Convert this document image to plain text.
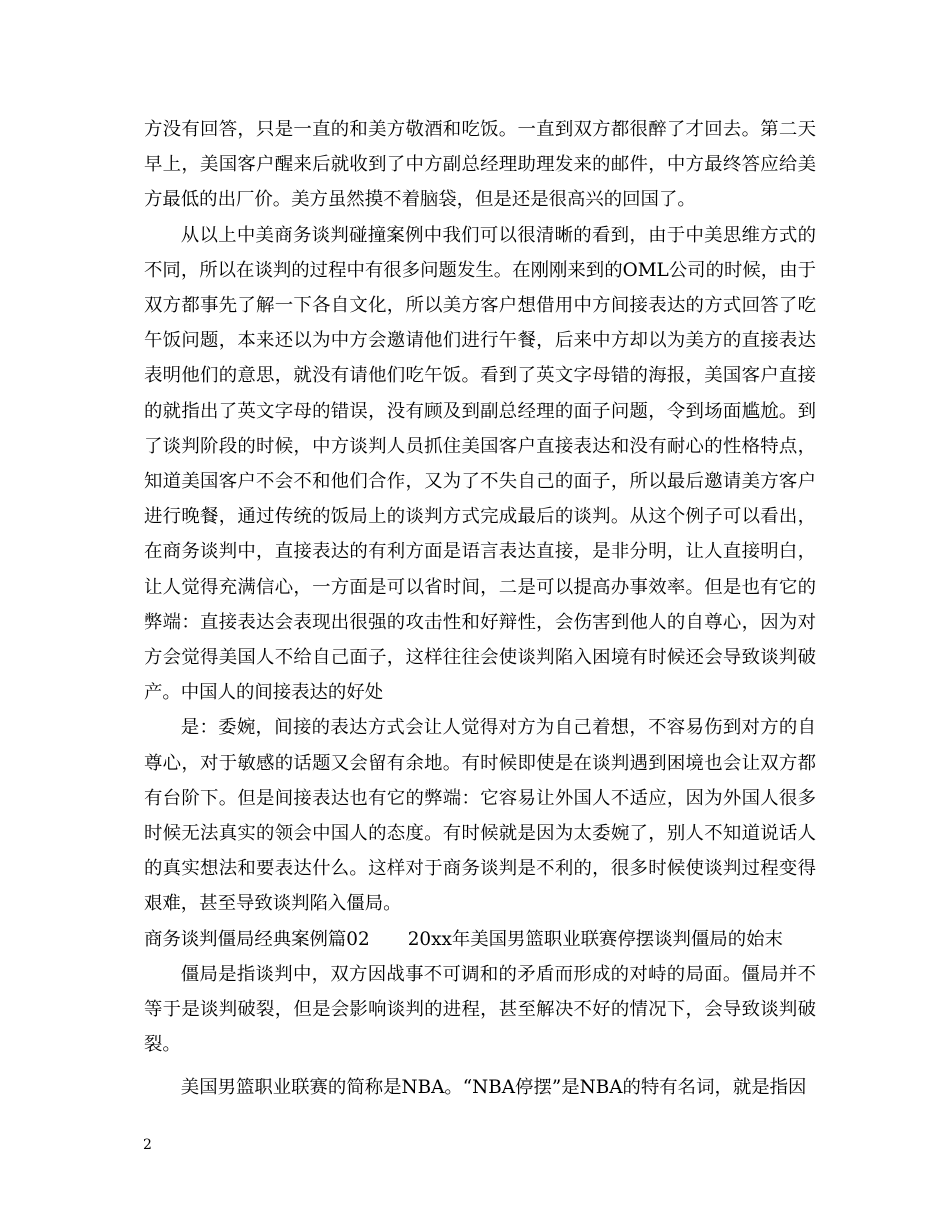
方没有回答，只是一直的和美方敬酒和吃饭。一直到双方都很醉了才回去。第二天早上，美国客户醒来后就收到了中方副总经理助理发来的邮件，中方最终答应给美方最低的出厂价。美方虽然摸不着脑袋，但是还是很高兴的回国了。

从以上中美商务谈判碰撞案例中我们可以很清晰的看到，由于中美思维方式的不同，所以在谈判的过程中有很多问题发生。在刚刚来到的OML公司的时候，由于双方都事先了解一下各自文化，所以美方客户想借用中方间接表达的方式回答了吃午饭问题，本来还以为中方会邀请他们进行午餐，后来中方却以为美方的直接表达表明他们的意思，就没有请他们吃午饭。看到了英文字母错的海报，美国客户直接的就指出了英文字母的错误，没有顾及到副总经理的面子问题，令到场面尴尬。到了谈判阶段的时候，中方谈判人员抓住美国客户直接表达和没有耐心的性格特点，知道美国客户不会不和他们合作，又为了不失自己的面子，所以最后邀请美方客户进行晚餐，通过传统的饭局上的谈判方式完成最后的谈判。从这个例子可以看出，在商务谈判中，直接表达的有利方面是语言表达直接，是非分明，让人直接明白，让人觉得充满信心，一方面是可以省时间，二是可以提高办事效率。但是也有它的弊端：直接表达会表现出很强的攻击性和好辩性，会伤害到他人的自尊心，因为对方会觉得美国人不给自己面子，这样往往会使谈判陷入困境有时候还会导致谈判破产。中国人的间接表达的好处

是：委婉，间接的表达方式会让人觉得对方为自己着想，不容易伤到对方的自尊心，对于敏感的话题又会留有余地。有时候即使是在谈判遇到困境也会让双方都有台阶下。但是间接表达也有它的弊端：它容易让外国人不适应，因为外国人很多时候无法真实的领会中国人的态度。有时候就是因为太委婉了，别人不知道说话人的真实想法和要表达什么。这样对于商务谈判是不利的，很多时候使谈判过程变得艰难，甚至导致谈判陷入僵局。

商务谈判僵局经典案例篇02 20xx年美国男篮职业联赛停摆谈判僵局的始末

僵局是指谈判中，双方因战事不可调和的矛盾而形成的对峙的局面。僵局并不等于是谈判破裂，但是会影响谈判的进程，甚至解决不好的情况下，会导致谈判破裂。

美国男篮职业联赛的简称是NBA。“NBA停摆”是NBA的特有名词，就是指因

2
